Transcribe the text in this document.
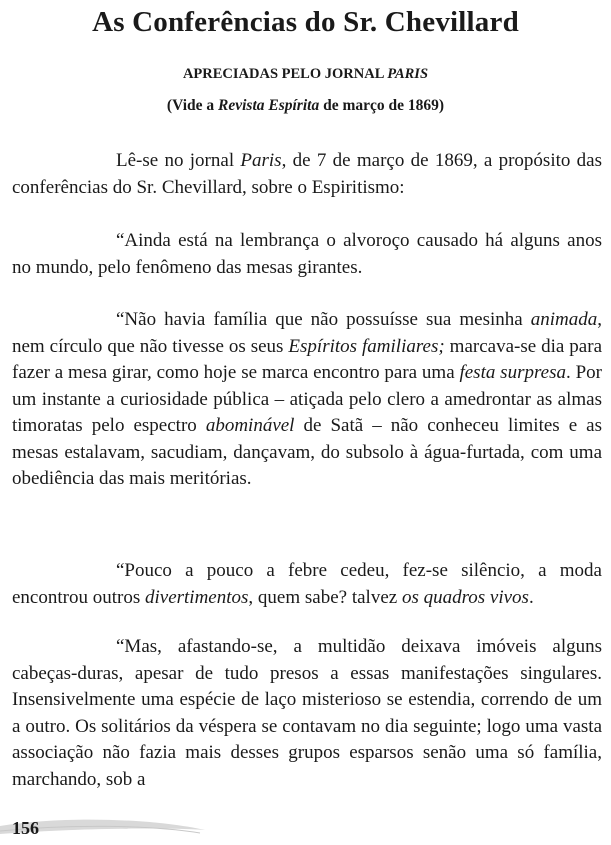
As Conferências do Sr. Chevillard
APRECIADAS PELO JORNAL PARIS
(Vide a Revista Espírita de março de 1869)

Lê-se no jornal Paris, de 7 de março de 1869, a propósito das conferências do Sr. Chevillard, sobre o Espiritismo:

“Ainda está na lembrança o alvoroço causado há alguns anos no mundo, pelo fenômeno das mesas girantes.

“Não havia família que não possuísse sua mesinha animada, nem círculo que não tivesse os seus Espíritos familiares; marcava-se dia para fazer a mesa girar, como hoje se marca encontro para uma festa surpresa. Por um instante a curiosidade pública – atiçada pelo clero a amedrontar as almas timoratas pelo espectro abominável de Satã – não conheceu limites e as mesas estalavam, sacudiam, dançavam, do subsolo à água-furtada, com uma obediência das mais meritórias.

“Pouco a pouco a febre cedeu, fez-se silêncio, a moda encontrou outros divertimentos, quem sabe? talvez os quadros vivos.

“Mas, afastando-se, a multidão deixava imóveis alguns cabeças-duras, apesar de tudo presos a essas manifestações singulares. Insensivelmente uma espécie de laço misterioso se estendia, correndo de um a outro. Os solitários da véspera se contavam no dia seguinte; logo uma vasta associação não fazia mais desses grupos esparsos senão uma só família, marchando, sob a

156
